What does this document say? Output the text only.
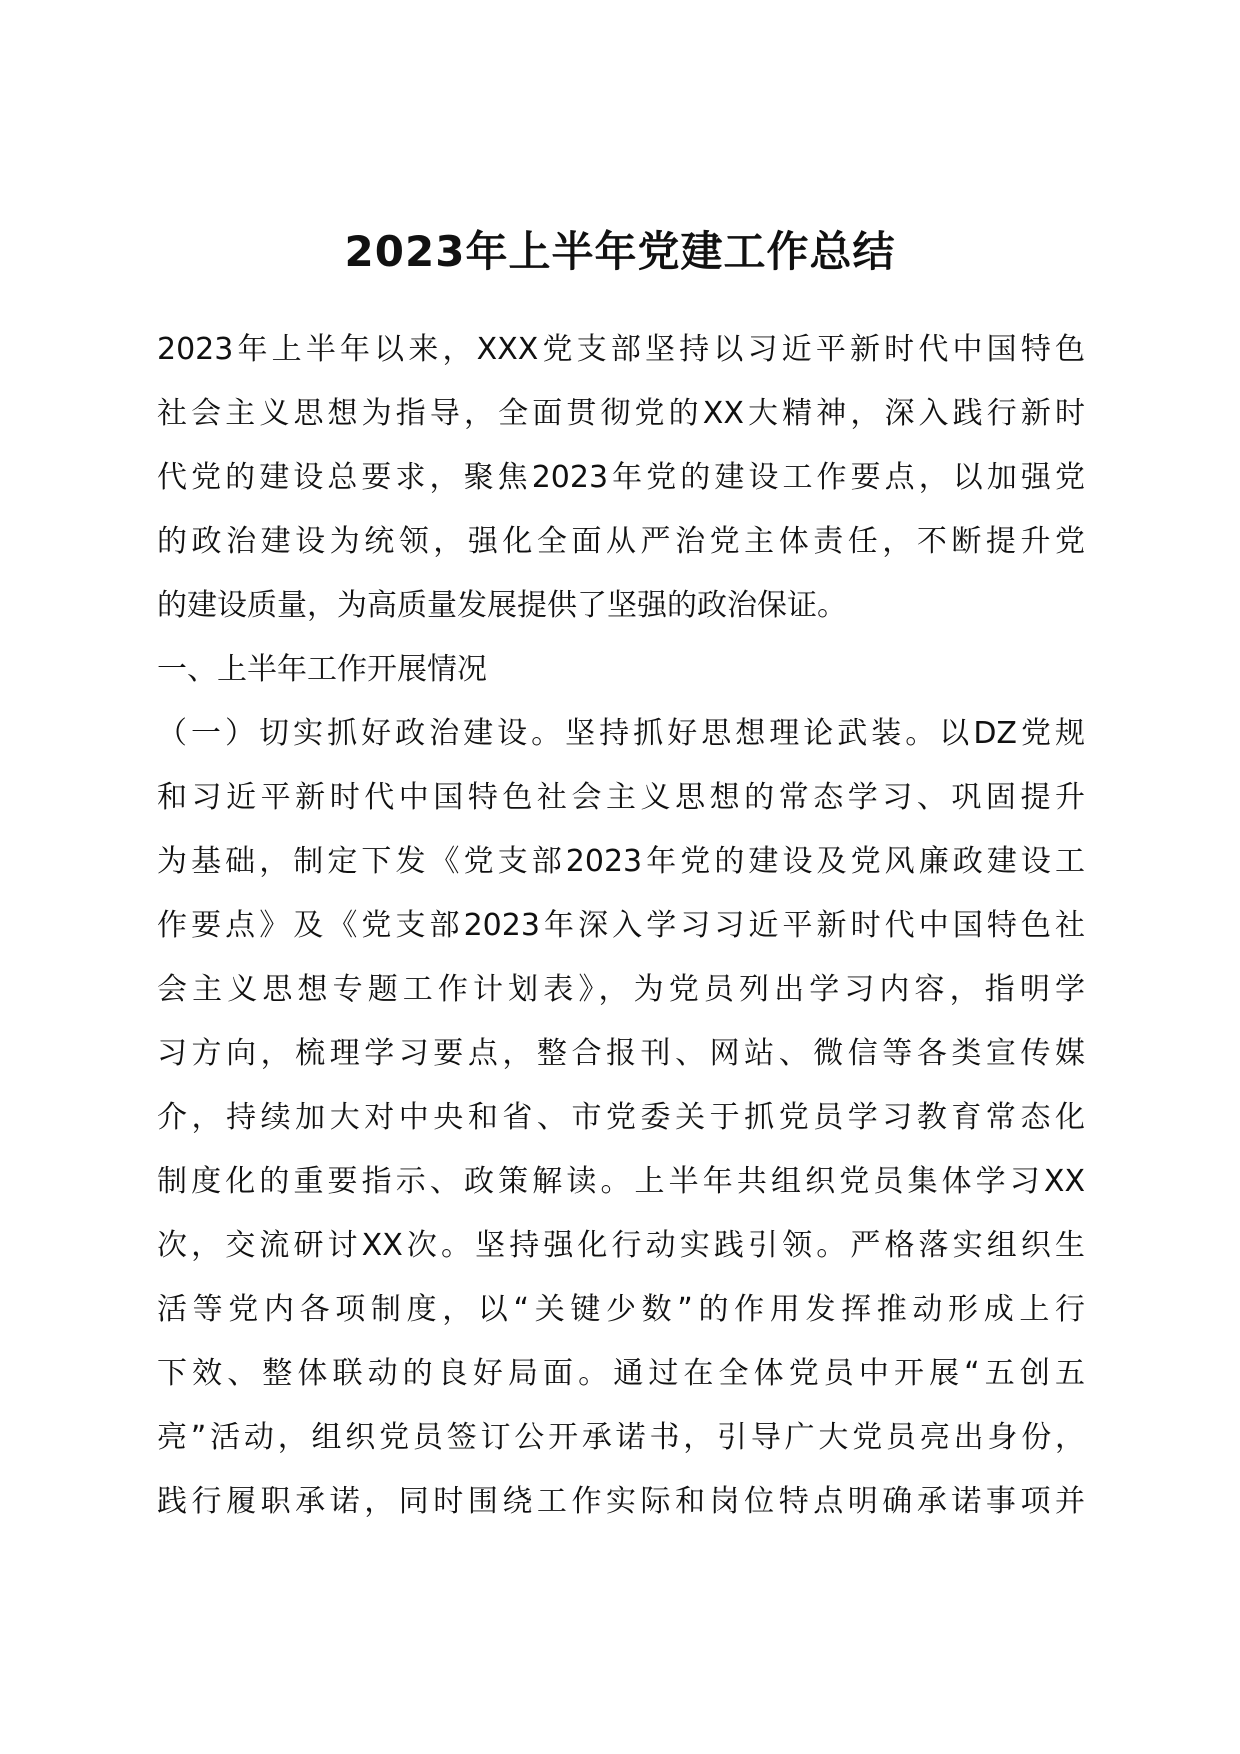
2023年上半年党建工作总结
2023年上半年以来，XXX党支部坚持以习近平新时代中国特色
社会主义思想为指导，全面贯彻党的XX大精神，深入践行新时
代党的建设总要求，聚焦2023年党的建设工作要点，以加强党
的政治建设为统领，强化全面从严治党主体责任，不断提升党
的建设质量，为高质量发展提供了坚强的政治保证。
一、上半年工作开展情况
（一）切实抓好政治建设。坚持抓好思想理论武装。以DZ党规
和习近平新时代中国特色社会主义思想的常态学习、巩固提升
为基础，制定下发《党支部2023年党的建设及党风廉政建设工
作要点》及《党支部2023年深入学习习近平新时代中国特色社
会主义思想专题工作计划表》，为党员列出学习内容，指明学
习方向，梳理学习要点，整合报刊、网站、微信等各类宣传媒
介，持续加大对中央和省、市党委关于抓党员学习教育常态化
制度化的重要指示、政策解读。上半年共组织党员集体学习XX
次，交流研讨XX次。坚持强化行动实践引领。严格落实组织生
活等党内各项制度，以“关键少数”的作用发挥推动形成上行
下效、整体联动的良好局面。通过在全体党员中开展“五创五
亮”活动，组织党员签订公开承诺书，引导广大党员亮出身份，
践行履职承诺，同时围绕工作实际和岗位特点明确承诺事项并
